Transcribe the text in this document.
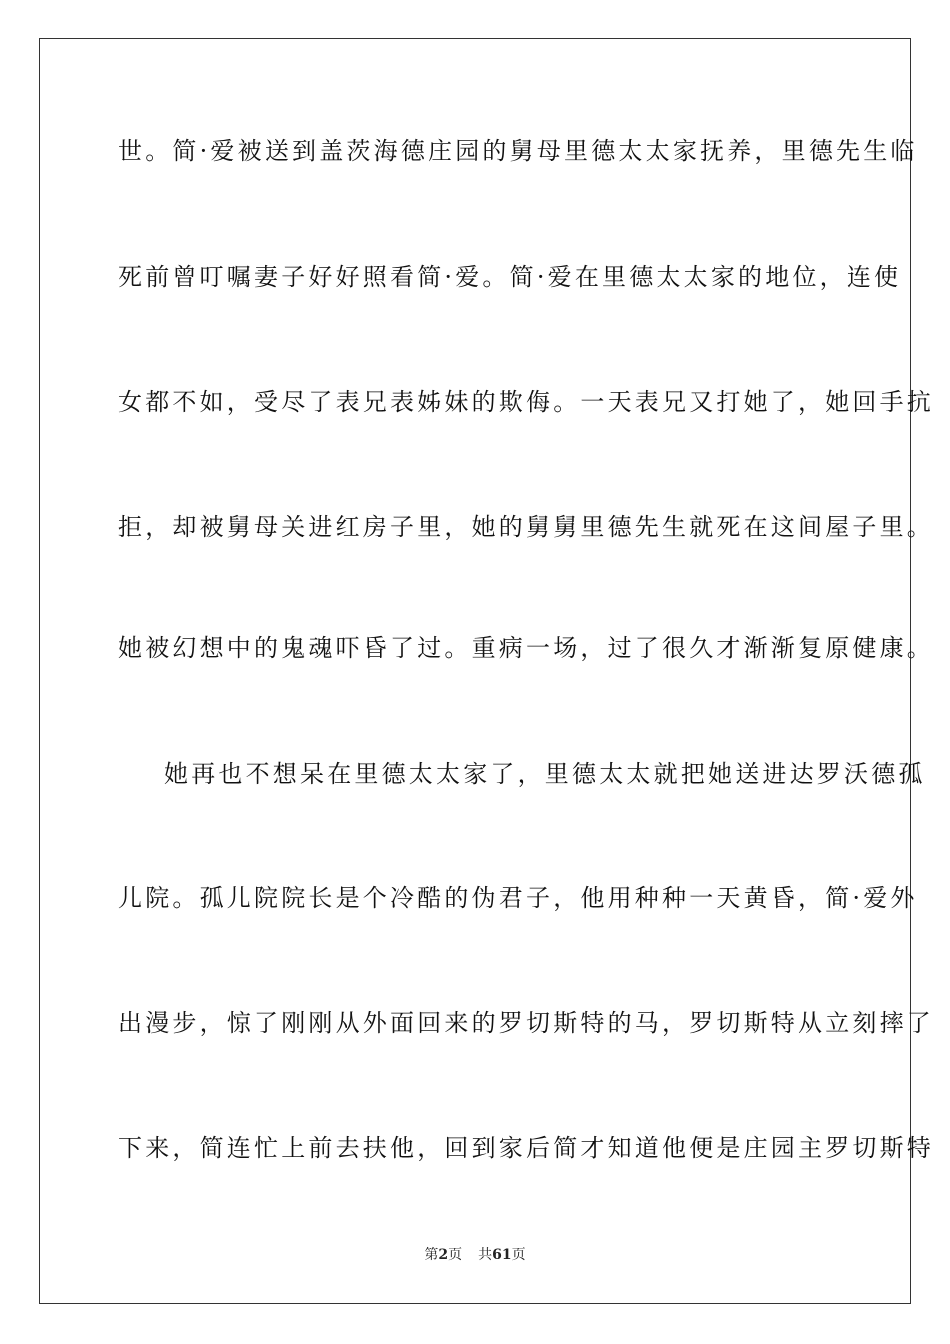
世。简·爱被送到盖茨海德庄园的舅母里德太太家抚养，里德先生临
死前曾叮嘱妻子好好照看简·爱。简·爱在里德太太家的地位，连使
女都不如，受尽了表兄表姊妹的欺侮。一天表兄又打她了，她回手抗
拒，却被舅母关进红房子里，她的舅舅里德先生就死在这间屋子里。
她被幻想中的鬼魂吓昏了过。重病一场，过了很久才渐渐复原健康。
她再也不想呆在里德太太家了，里德太太就把她送进达罗沃德孤
儿院。孤儿院院长是个冷酷的伪君子，他用种种一天黄昏，简·爱外
出漫步，惊了刚刚从外面回来的罗切斯特的马，罗切斯特从立刻摔了
下来，简连忙上前去扶他，回到家后简才知道他便是庄园主罗切斯特
第2页 共61页
